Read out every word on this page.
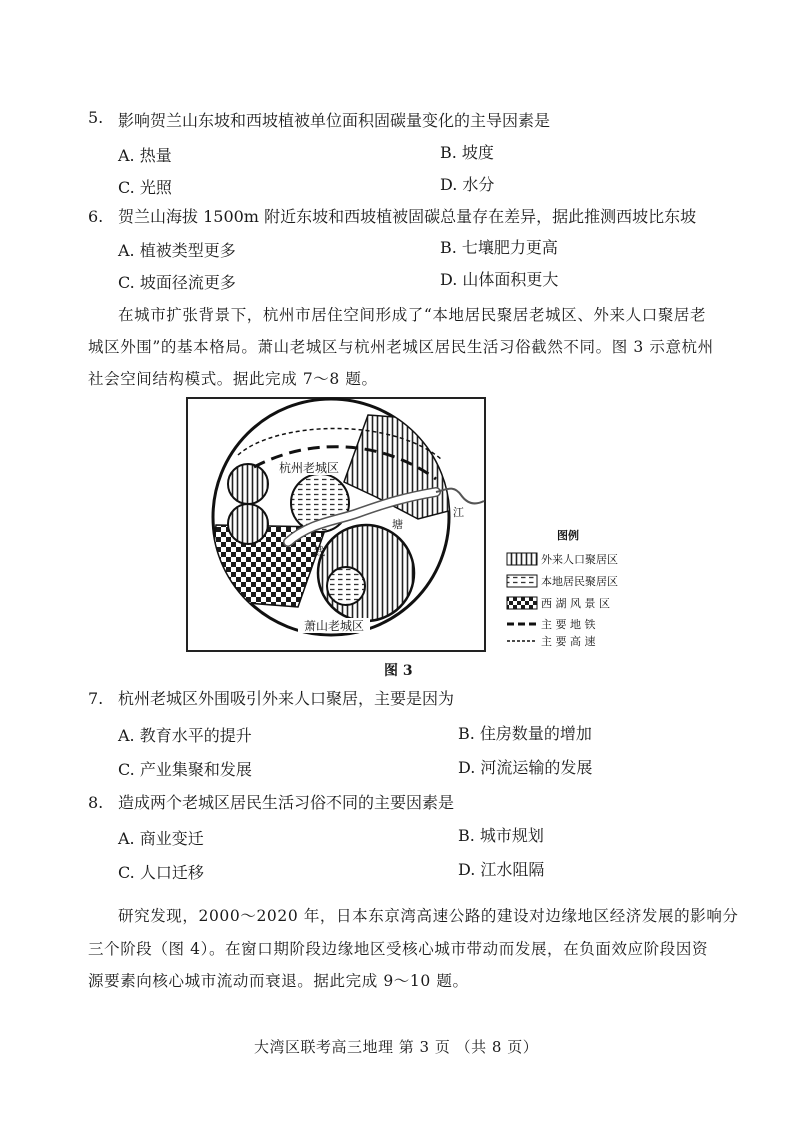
5. 影响贺兰山东坡和西坡植被单位面积固碳量变化的主导因素是
A. 热量	B. 坡度
C. 光照	D. 水分
6. 贺兰山海拔 1500m 附近东坡和西坡植被固碳总量存在差异，据此推测西坡比东坡
A. 植被类型更多	B. 七壤肥力更高
C. 坡面径流更多	D. 山体面积更大
在城市扩张背景下，杭州市居住空间形成了“本地居民聚居老城区、外来人口聚居老
城区外围”的基本格局。萧山老城区与杭州老城区居民生活习俗截然不同。图 3 示意杭州
社会空间结构模式。据此完成 7～8 题。
杭州老城区
萧山老城区
钱
塘
江
图例
外来人口聚居区
本地居民聚居区
西 湖 风 景 区
主 要 地 铁
主 要 高 速
图 3
7. 杭州老城区外围吸引外来人口聚居，主要是因为
A. 教育水平的提升	B. 住房数量的增加
C. 产业集聚和发展	D. 河流运输的发展
8. 造成两个老城区居民生活习俗不同的主要因素是
A. 商业变迁	B. 城市规划
C. 人口迁移	D. 江水阻隔
研究发现，2000～2020 年，日本东京湾高速公路的建设对边缘地区经济发展的影响分
三个阶段（图 4）。在窗口期阶段边缘地区受核心城市带动而发展，在负面效应阶段因资
源要素向核心城市流动而衰退。据此完成 9～10 题。
大湾区联考高三地理 第 3 页 （共 8 页）
